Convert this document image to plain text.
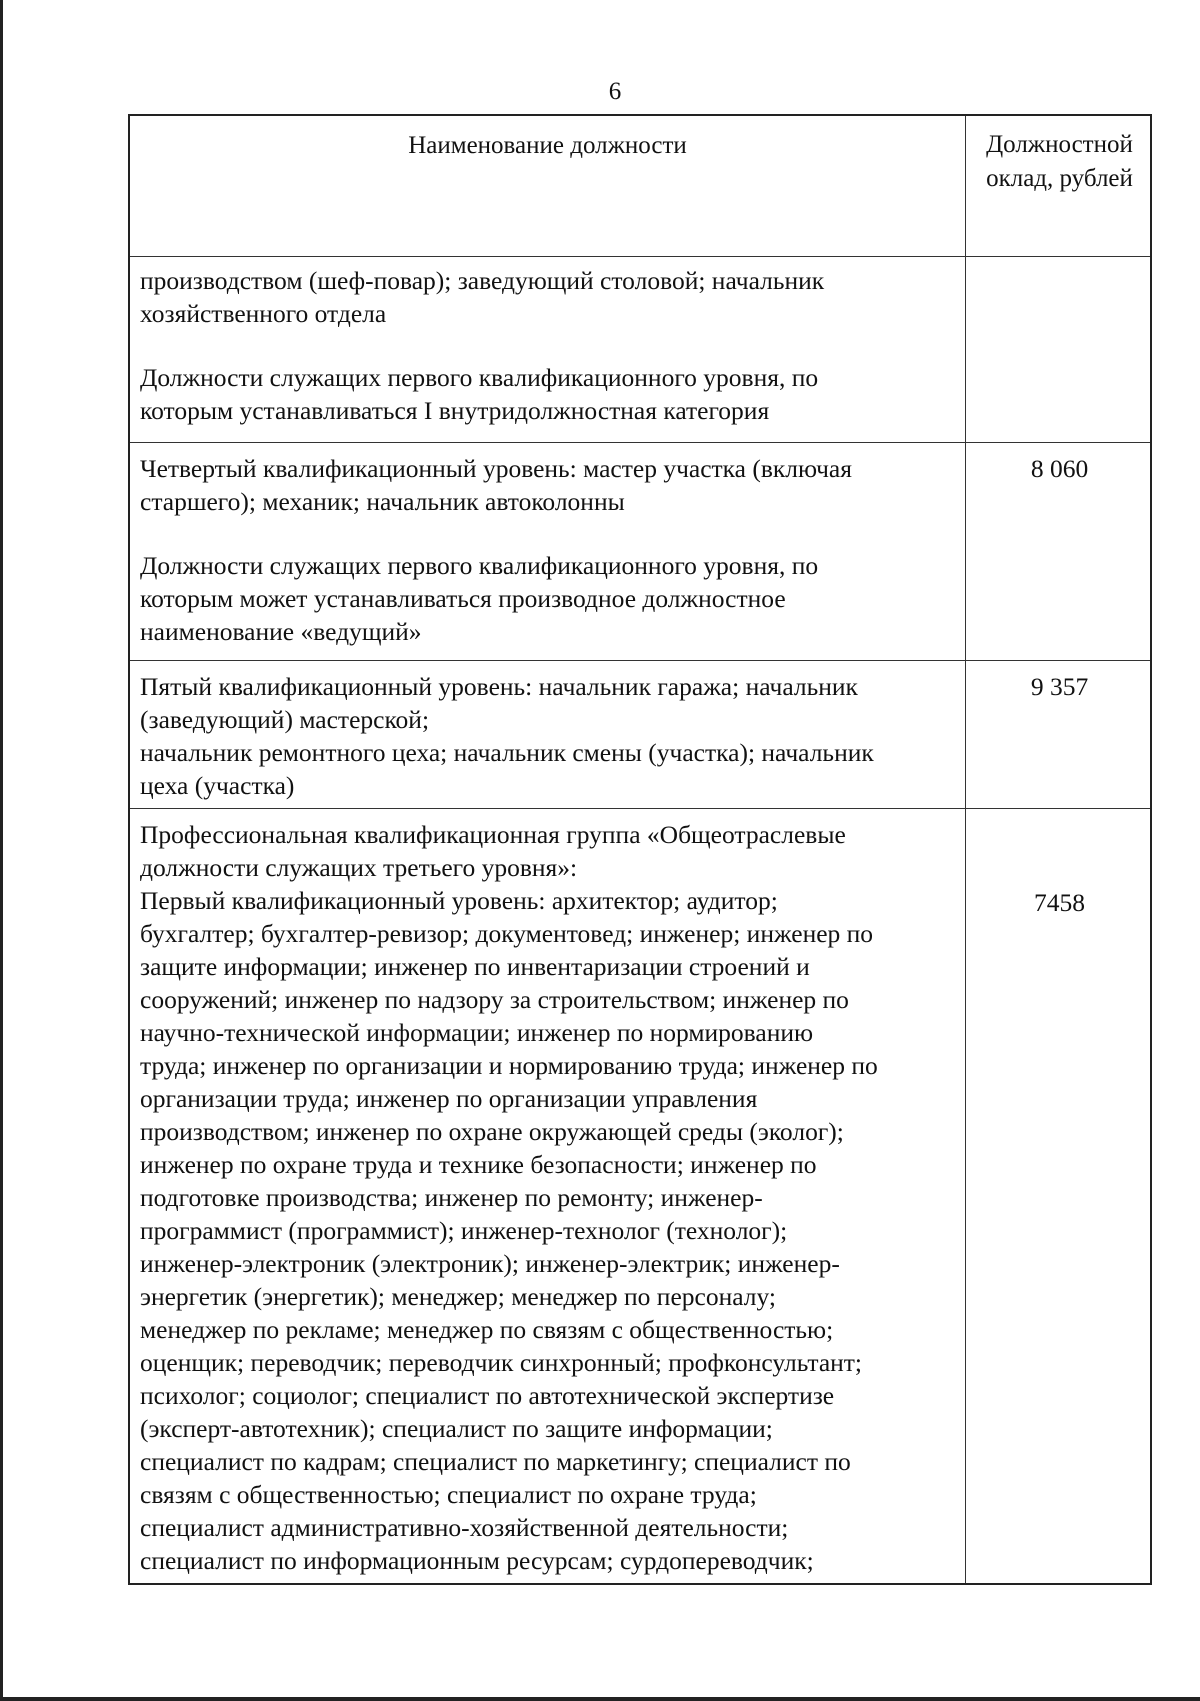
6
Наименование должности	Должностной
оклад, рублей
производством (шеф-повар); заведующий столовой; начальник
хозяйственного отдела
Должности служащих первого квалификационного уровня, по
которым устанавливаться I внутридолжностная категория
Четвертый квалификационный уровень: мастер участка (включая
старшего); механик; начальник автоколонны
Должности служащих первого квалификационного уровня, по
которым может устанавливаться производное должностное
наименование «ведущий»
8 060
Пятый квалификационный уровень: начальник гаража; начальник
(заведующий) мастерской;
начальник ремонтного цеха; начальник смены (участка); начальник
цеха (участка)
9 357
Профессиональная квалификационная группа «Общеотраслевые
должности служащих третьего уровня»:
Первый квалификационный уровень: архитектор; аудитор;
бухгалтер; бухгалтер-ревизор; документовед; инженер; инженер по
защите информации; инженер по инвентаризации строений и
сооружений; инженер по надзору за строительством; инженер по
научно-технической информации; инженер по нормированию
труда; инженер по организации и нормированию труда; инженер по
организации труда; инженер по организации управления
производством; инженер по охране окружающей среды (эколог);
инженер по охране труда и технике безопасности; инженер по
подготовке производства; инженер по ремонту; инженер-
программист (программист); инженер-технолог (технолог);
инженер-электроник (электроник); инженер-электрик; инженер-
энергетик (энергетик); менеджер; менеджер по персоналу;
менеджер по рекламе; менеджер по связям с общественностью;
оценщик; переводчик; переводчик синхронный; профконсультант;
психолог; социолог; специалист по автотехнической экспертизе
(эксперт-автотехник); специалист по защите информации;
специалист по кадрам; специалист по маркетингу; специалист по
связям с общественностью; специалист по охране труда;
специалист административно-хозяйственной деятельности;
специалист по информационным ресурсам; сурдопереводчик;
7458
